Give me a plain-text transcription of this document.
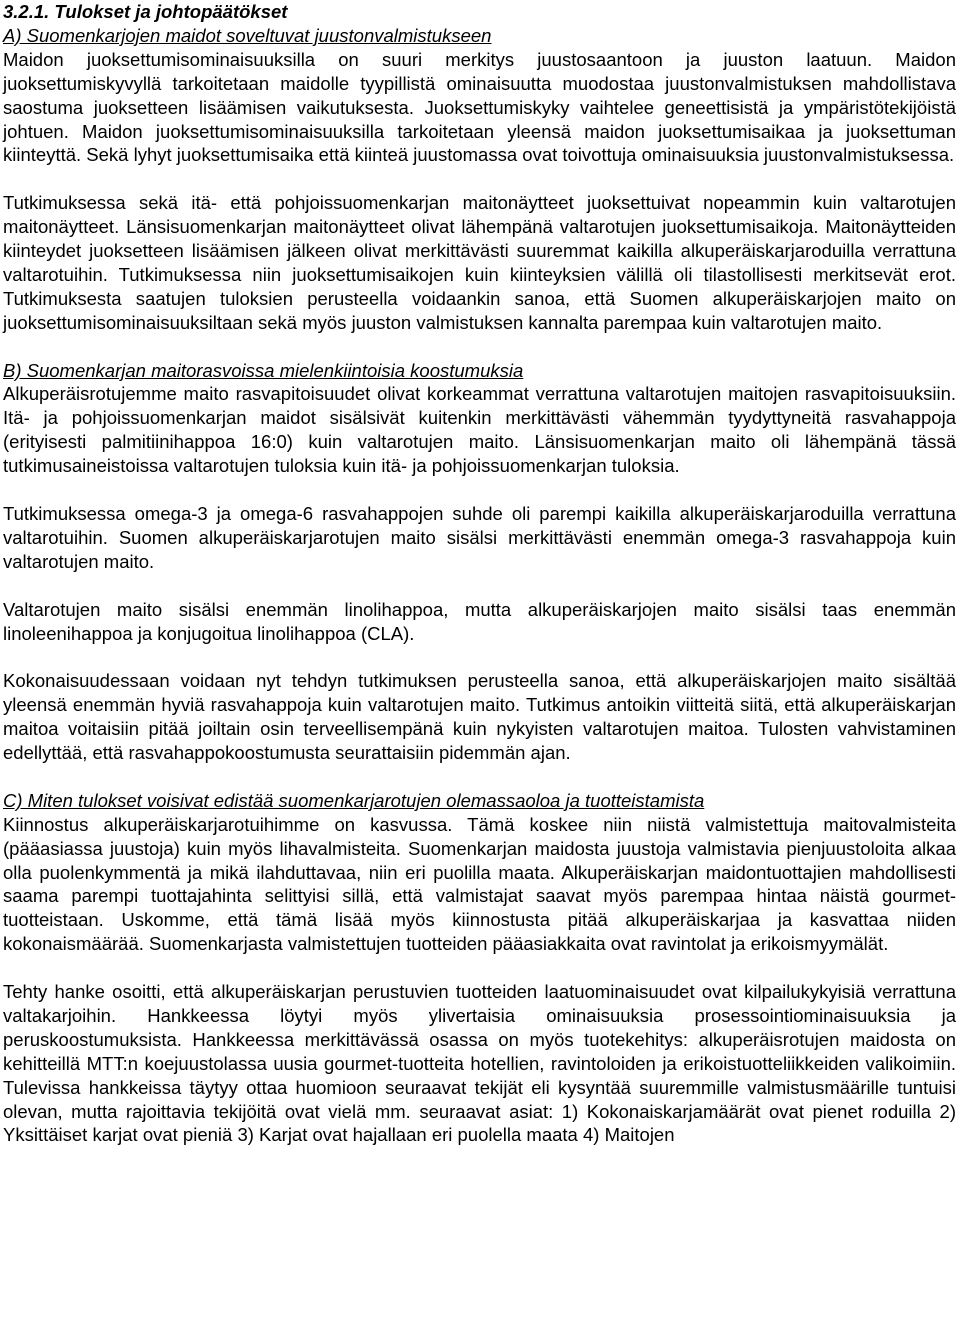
3.2.1. Tulokset ja johtopäätökset
A) Suomenkarjojen maidot soveltuvat juustonvalmistukseen

Maidon juoksettumisominaisuuksilla on suuri merkitys juustosaantoon ja juuston laatuun. Maidon juoksettumiskyvyllä tarkoitetaan maidolle tyypillistä ominaisuutta muodostaa juustonvalmistuksen mahdollistava saostuma juoksetteen lisäämisen vaikutuksesta. Juoksettumiskyky vaihtelee geneettisistä ja ympäristötekijöistä johtuen. Maidon juoksettumisominaisuuksilla tarkoitetaan yleensä maidon juoksettumisaikaa ja juoksettuman kiinteyttä. Sekä lyhyt juoksettumisaika että kiinteä juustomassa ovat toivottuja ominaisuuksia juustonvalmistuksessa.

Tutkimuksessa sekä itä- että pohjoissuomenkarjan maitonäytteet juoksettuivat nopeammin kuin valtarotujen maitonäytteet. Länsisuomenkarjan maitonäytteet olivat lähempänä valtarotujen juoksettumisaikoja. Maitonäytteiden kiinteydet juoksetteen lisäämisen jälkeen olivat merkittävästi suuremmat kaikilla alkuperäiskarjaroduilla verrattuna valtarotuihin. Tutkimuksessa niin juoksettumisaikojen kuin kiinteyksien välillä oli tilastollisesti merkitsevät erot. Tutkimuksesta saatujen tuloksien perusteella voidaankin sanoa, että Suomen alkuperäiskarjojen maito on juoksettumisominaisuuksiltaan sekä myös juuston valmistuksen kannalta parempaa kuin valtarotujen maito.

B) Suomenkarjan maitorasvoissa mielenkiintoisia koostumuksia

Alkuperäisrotujemme maito rasvapitoisuudet olivat korkeammat verrattuna valtarotujen maitojen rasvapitoisuuksiin. Itä- ja pohjoissuomenkarjan maidot sisälsivät kuitenkin merkittävästi vähemmän tyydyttyneitä rasvahappoja (erityisesti palmitiinihappoa 16:0) kuin valtarotujen maito. Länsisuomenkarjan maito oli lähempänä tässä tutkimusaineistoissa valtarotujen tuloksia kuin itä- ja pohjoissuomenkarjan tuloksia.

Tutkimuksessa omega-3 ja omega-6 rasvahappojen suhde oli parempi kaikilla alkuperäiskarjaroduilla verrattuna valtarotuihin. Suomen alkuperäiskarjarotujen maito sisälsi merkittävästi enemmän omega-3 rasvahappoja kuin valtarotujen maito.

Valtarotujen maito sisälsi enemmän linolihappoa, mutta alkuperäiskarjojen maito sisälsi taas enemmän linoleenihappoa ja konjugoitua linolihappoa (CLA).

Kokonaisuudessaan voidaan nyt tehdyn tutkimuksen perusteella sanoa, että alkuperäiskarjojen maito sisältää yleensä enemmän hyviä rasvahappoja kuin valtarotujen maito. Tutkimus antoikin viitteitä siitä, että alkuperäiskarjan maitoa voitaisiin pitää joiltain osin terveellisempänä kuin nykyisten valtarotujen maitoa. Tulosten vahvistaminen edellyttää, että rasvahappokoostumusta seurattaisiin pidemmän ajan.

C) Miten tulokset voisivat edistää suomenkarjarotujen olemassaoloa ja tuotteistamista

Kiinnostus alkuperäiskarjarotuihimme on kasvussa. Tämä koskee niin niistä valmistettuja maitovalmisteita (pääasiassa juustoja) kuin myös lihavalmisteita. Suomenkarjan maidosta juustoja valmistavia pienjuustoloita alkaa olla puolenkymmentä ja mikä ilahduttavaa, niin eri puolilla maata. Alkuperäiskarjan maidontuottajien mahdollisesti saama parempi tuottajahinta selittyisi sillä, että valmistajat saavat myös parempaa hintaa näistä gourmet-tuotteistaan. Uskomme, että tämä lisää myös kiinnostusta pitää alkuperäiskarjaa ja kasvattaa niiden kokonaismäärää. Suomenkarjasta valmistettujen tuotteiden pääasiakkaita ovat ravintolat ja erikoismyymälät.

Tehty hanke osoitti, että alkuperäiskarjan perustuvien tuotteiden laatuominaisuudet ovat kilpailukykyisiä verrattuna valtakarjoihin. Hankkeessa löytyi myös ylivertaisia ominaisuuksia prosessointiominaisuuksia ja peruskoostumuksista. Hankkeessa merkittävässä osassa on myös tuotekehitys: alkuperäisrotujen maidosta on kehitteillä MTT:n koejuustolassa uusia gourmet-tuotteita hotellien, ravintoloiden ja erikoistuotteliikkeiden valikoimiin. Tulevissa hankkeissa täytyy ottaa huomioon seuraavat tekijät eli kysyntää suuremmille valmistusmäärille tuntuisi olevan, mutta rajoittavia tekijöitä ovat vielä mm. seuraavat asiat: 1) Kokonaiskarjamäärät ovat pienet roduilla 2) Yksittäiset karjat ovat pieniä 3) Karjat ovat hajallaan eri puolella maata 4) Maitojen
